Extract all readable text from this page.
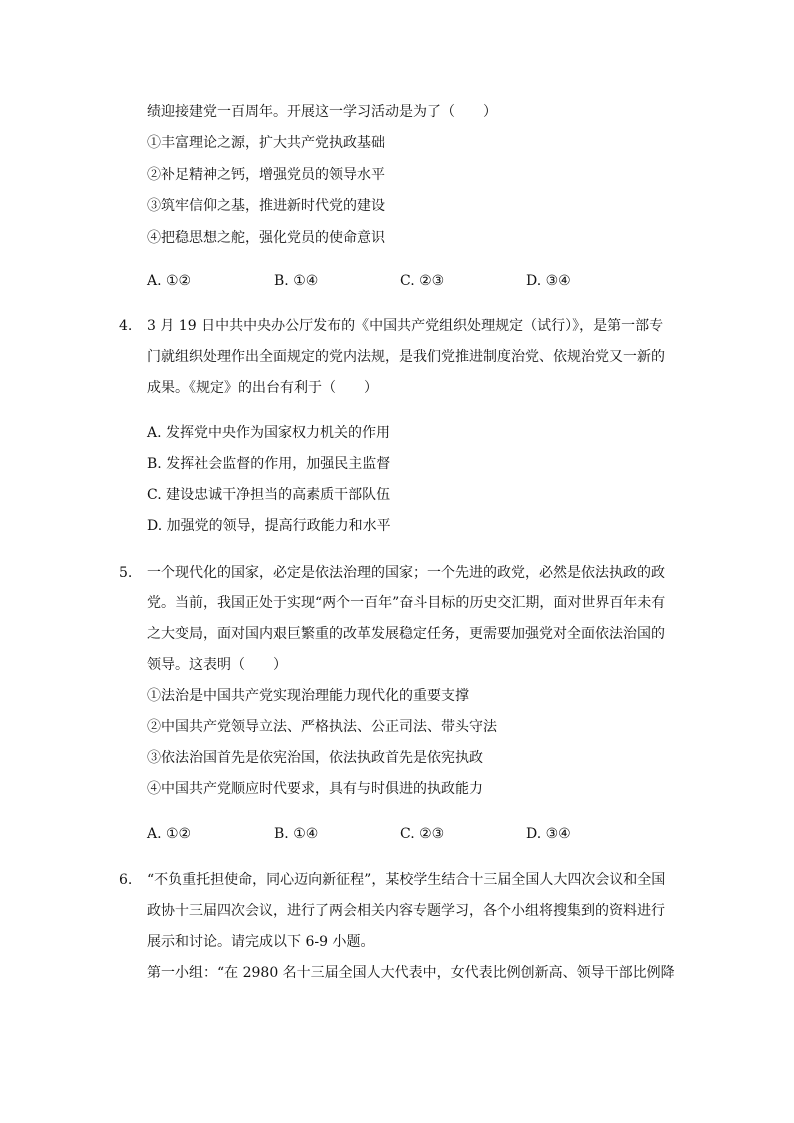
绩迎接建党一百周年。开展这一学习活动是为了（　　）
①丰富理论之源，扩大共产党执政基础
②补足精神之钙，增强党员的领导水平
③筑牢信仰之基，推进新时代党的建设
④把稳思想之舵，强化党员的使命意识
A. ①②	B. ①④	C. ②③	D. ③④
4. 3 月 19 日中共中央办公厅发布的《中国共产党组织处理规定（试行）》，是第一部专
门就组织处理作出全面规定的党内法规，是我们党推进制度治党、依规治党又一新的
成果。《规定》的出台有利于（　　）
A. 发挥党中央作为国家权力机关的作用
B. 发挥社会监督的作用，加强民主监督
C. 建设忠诚干净担当的高素质干部队伍
D. 加强党的领导，提高行政能力和水平
5. 一个现代化的国家，必定是依法治理的国家；一个先进的政党，必然是依法执政的政
党。当前，我国正处于实现“两个一百年”奋斗目标的历史交汇期，面对世界百年未有
之大变局，面对国内艰巨繁重的改革发展稳定任务，更需要加强党对全面依法治国的
领导。这表明（　　）
①法治是中国共产党实现治理能力现代化的重要支撑
②中国共产党领导立法、严格执法、公正司法、带头守法
③依法治国首先是依宪治国，依法执政首先是依宪执政
④中国共产党顺应时代要求，具有与时俱进的执政能力
A. ①②	B. ①④	C. ②③	D. ③④
6. “不负重托担使命，同心迈向新征程”，某校学生结合十三届全国人大四次会议和全国
政协十三届四次会议，进行了两会相关内容专题学习，各个小组将搜集到的资料进行
展示和讨论。请完成以下 6-9 小题。
第一小组：“在 2980 名十三届全国人大代表中，女代表比例创新高、领导干部比例降
